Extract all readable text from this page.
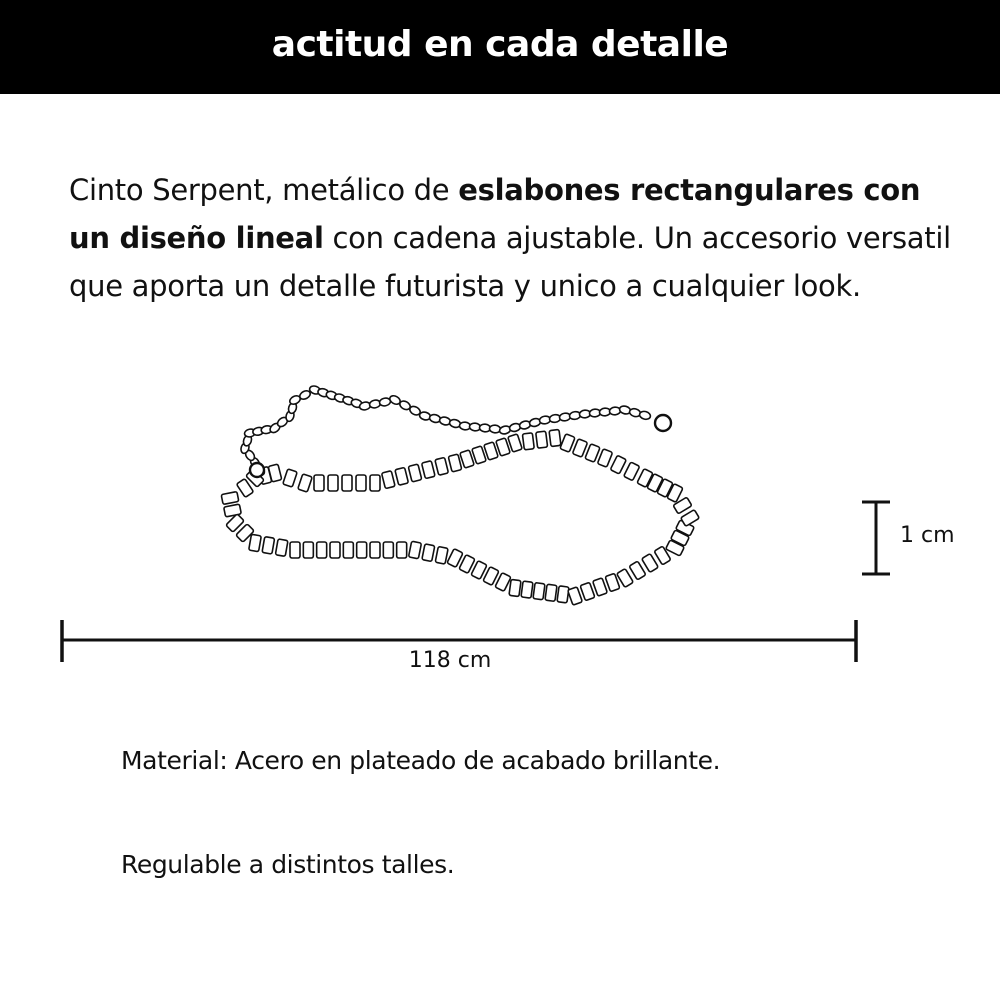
actitud en cada detalle

Cinto Serpent, metálico de eslabones rectangulares con un diseño lineal con cadena ajustable. Un accesorio versatil que aporta un detalle futurista y unico a cualquier look.

1 cm
118 cm

Material: Acero en plateado de acabado brillante.

Regulable a distintos talles.
